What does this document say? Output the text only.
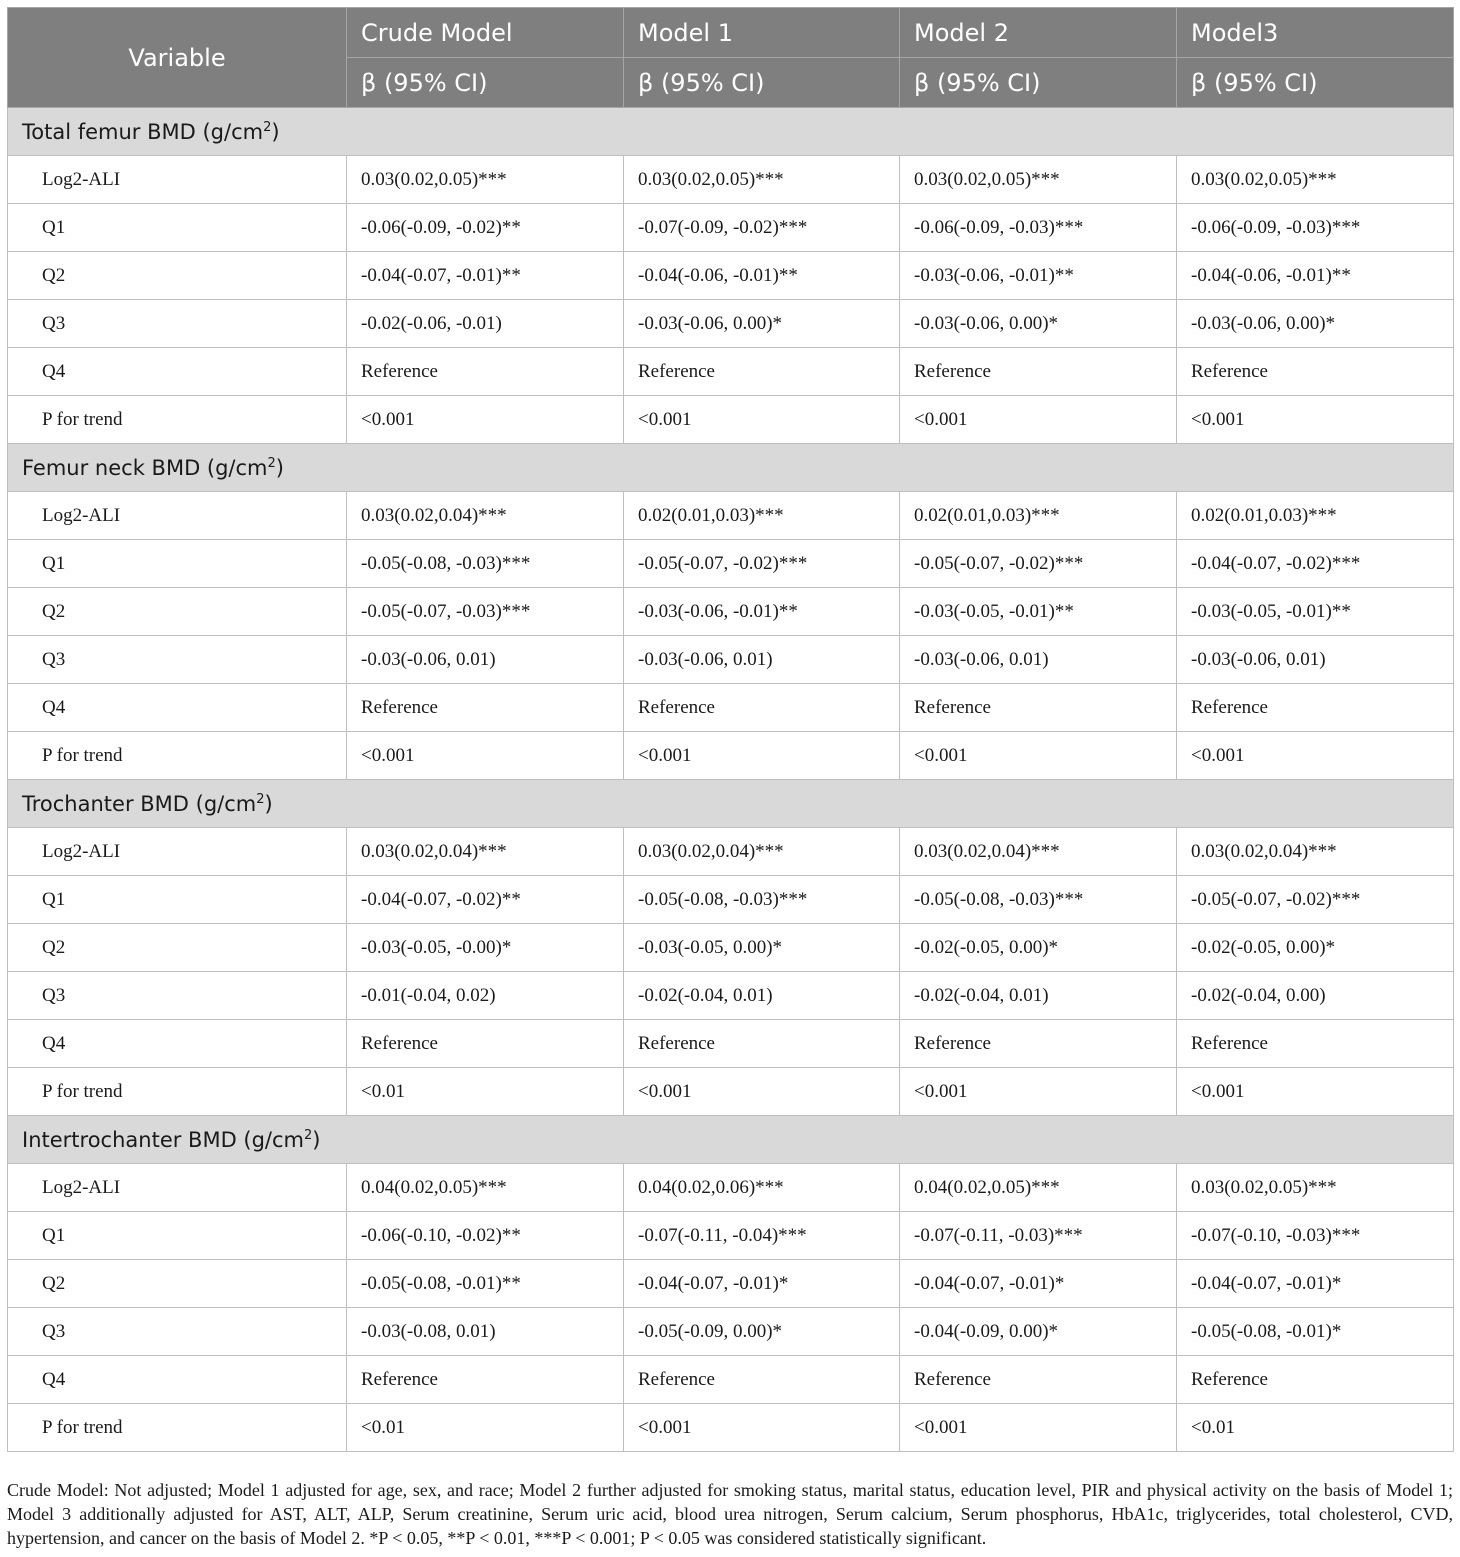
Variable	Crude Model	Model 1	Model 2	Model3
	β (95% CI)	β (95% CI)	β (95% CI)	β (95% CI)
Total femur BMD $(g/cm^2)$				
Log2-ALI	0.03(0.02,0.05)***	0.03(0.02,0.05)***	0.03(0.02,0.05)***	0.03(0.02,0.05)***
Q1	-0.06(-0.09, -0.02)**	-0.07(-0.09, -0.02)***	-0.06(-0.09, -0.03)***	-0.06(-0.09, -0.03)***
Q2	-0.04(-0.07, -0.01)**	-0.04(-0.06, -0.01)**	-0.03(-0.06, -0.01)**	-0.04(-0.06, -0.01)**
Q3	-0.02(-0.06, -0.01)	-0.03(-0.06, 0.00)*	-0.03(-0.06, 0.00)*	-0.03(-0.06, 0.00)*
Q4	Reference	Reference	Reference	Reference
P for trend	<0.001	<0.001	<0.001	<0.001
Femur neck BMD $(g/cm^2)$				
Log2-ALI	0.03(0.02,0.04)***	0.02(0.01,0.03)***	0.02(0.01,0.03)***	0.02(0.01,0.03)***
Q1	-0.05(-0.08, -0.03)***	-0.05(-0.07, -0.02)***	-0.05(-0.07, -0.02)***	-0.04(-0.07, -0.02)***
Q2	-0.05(-0.07, -0.03)***	-0.03(-0.06, -0.01)**	-0.03(-0.05, -0.01)**	-0.03(-0.05, -0.01)**
Q3	-0.03(-0.06, 0.01)	-0.03(-0.06, 0.01)	-0.03(-0.06, 0.01)	-0.03(-0.06, 0.01)
Q4	Reference	Reference	Reference	Reference
P for trend	<0.001	<0.001	<0.001	<0.001
Trochanter BMD $(g/cm^2)$				
Log2-ALI	0.03(0.02,0.04)***	0.03(0.02,0.04)***	0.03(0.02,0.04)***	0.03(0.02,0.04)***
Q1	-0.04(-0.07, -0.02)**	-0.05(-0.08, -0.03)***	-0.05(-0.08, -0.03)***	-0.05(-0.07, -0.02)***
Q2	-0.03(-0.05, -0.00)*	-0.03(-0.05, 0.00)*	-0.02(-0.05, 0.00)*	-0.02(-0.05, 0.00)*
Q3	-0.01(-0.04, 0.02)	-0.02(-0.04, 0.01)	-0.02(-0.04, 0.01)	-0.02(-0.04, 0.00)
Q4	Reference	Reference	Reference	Reference
P for trend	<0.01	<0.001	<0.001	<0.001
Intertrochanter BMD $(g/cm^2)$				
Log2-ALI	0.04(0.02,0.05)***	0.04(0.02,0.06)***	0.04(0.02,0.05)***	0.03(0.02,0.05)***
Q1	-0.06(-0.10, -0.02)**	-0.07(-0.11, -0.04)***	-0.07(-0.11, -0.03)***	-0.07(-0.10, -0.03)***
Q2	-0.05(-0.08, -0.01)**	-0.04(-0.07, -0.01)*	-0.04(-0.07, -0.01)*	-0.04(-0.07, -0.01)*
Q3	-0.03(-0.08, 0.01)	-0.05(-0.09, 0.00)*	-0.04(-0.09, 0.00)*	-0.05(-0.08, -0.01)*
Q4	Reference	Reference	Reference	Reference
P for trend	<0.01	<0.001	<0.001	<0.01
Crude Model: Not adjusted; Model 1 adjusted for age, sex, and race; Model 2 further adjusted for smoking status, marital status, education level, PIR and physical activity on the basis of Model 1; Model 3 additionally adjusted for AST, ALT, ALP, Serum creatinine, Serum uric acid, blood urea nitrogen, Serum calcium, Serum phosphorus, HbA1c, triglycerides, total cholesterol, CVD, hypertension, and cancer on the basis of Model 2. *P < 0.05, **P < 0.01, ***P < 0.001; P < 0.05 was considered statistically significant.
